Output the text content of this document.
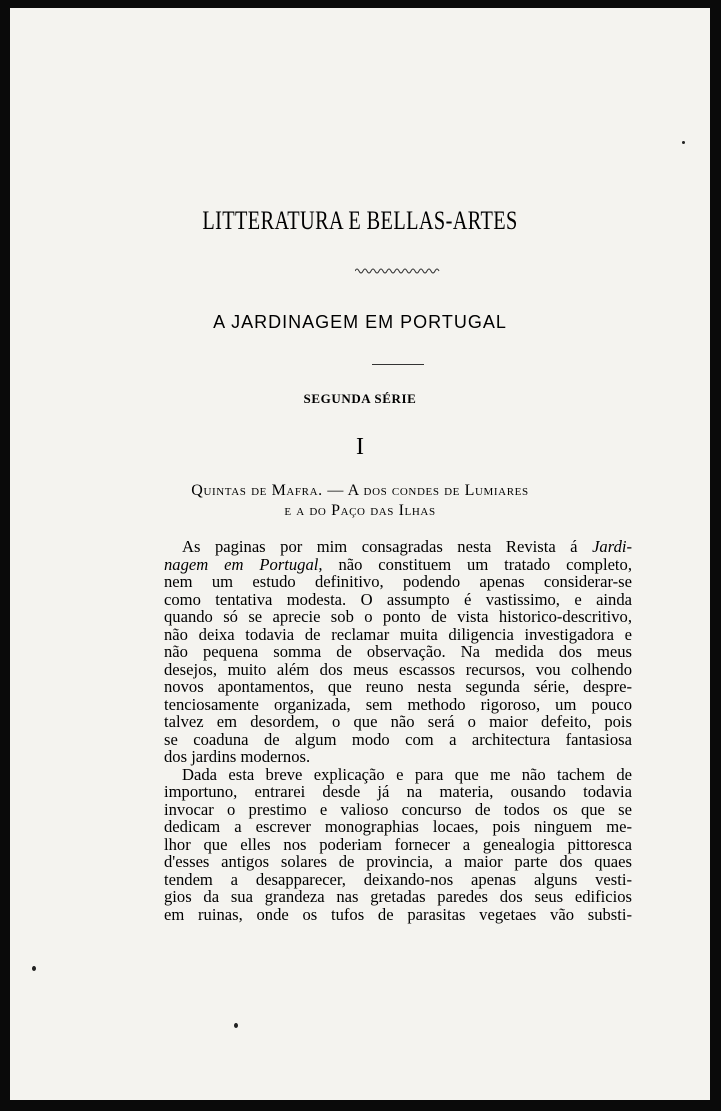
LITTERATURA E BELLAS-ARTES
A JARDINAGEM EM PORTUGAL
SEGUNDA SÉRIE
I
Quintas de Mafra. — A dos condes de Lumiares
e a do Paço das Ilhas
As paginas por mim consagradas nesta Revista á Jardi-
nagem em Portugal, não constituem um tratado completo,
nem um estudo definitivo, podendo apenas considerar-se
como tentativa modesta. O assumpto é vastissimo, e ainda
quando só se aprecie sob o ponto de vista historico-descritivo,
não deixa todavia de reclamar muita diligencia investigadora e
não pequena somma de observação. Na medida dos meus
desejos, muito além dos meus escassos recursos, vou colhendo
novos apontamentos, que reuno nesta segunda série, despre-
tenciosamente organizada, sem methodo rigoroso, um pouco
talvez em desordem, o que não será o maior defeito, pois
se coaduna de algum modo com a architectura fantasiosa
dos jardins modernos.
Dada esta breve explicação e para que me não tachem de
importuno, entrarei desde já na materia, ousando todavia
invocar o prestimo e valioso concurso de todos os que se
dedicam a escrever monographias locaes, pois ninguem me-
lhor que elles nos poderiam fornecer a genealogia pittoresca
d'esses antigos solares de provincia, a maior parte dos quaes
tendem a desapparecer, deixando-nos apenas alguns vesti-
gios da sua grandeza nas gretadas paredes dos seus edificios
em ruinas, onde os tufos de parasitas vegetaes vão substi-
